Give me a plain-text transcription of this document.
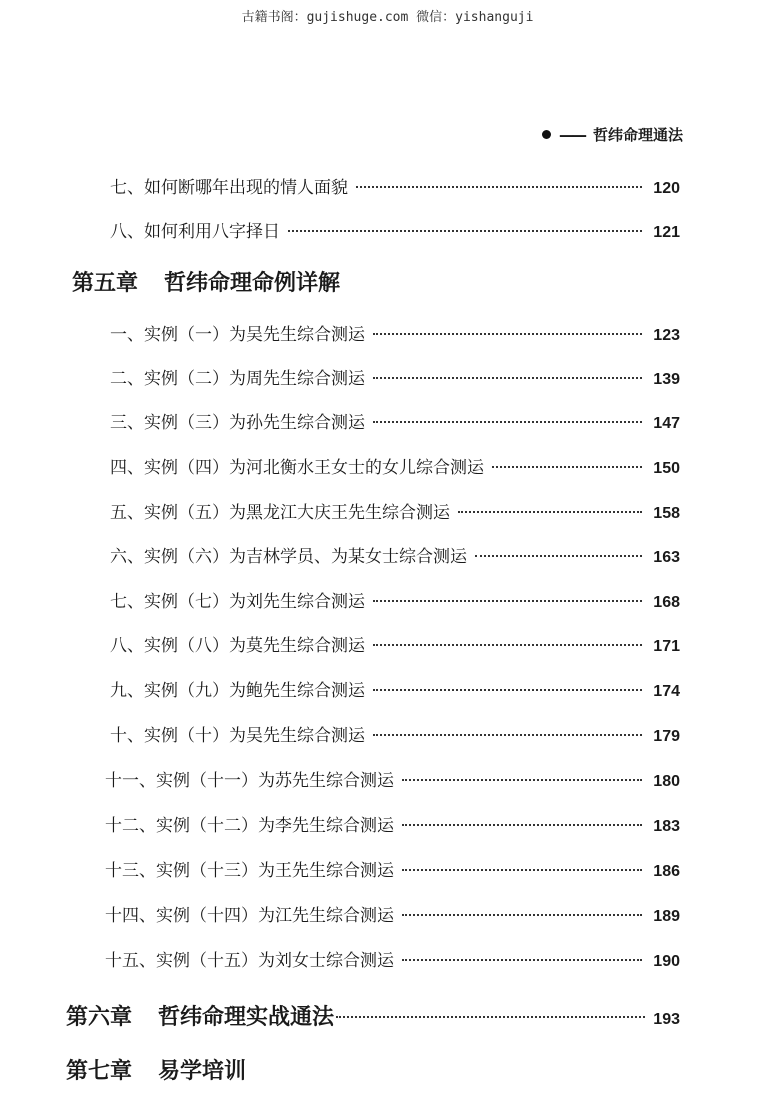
古籍书阁：gujishuge.com 微信：yishanguji
—— 哲纬命理通法
七、如何断哪年出现的情人面貌	120
八、如何利用八字择日	121
第五章 哲纬命理命例详解
一、实例（一）为吴先生综合测运	123
二、实例（二）为周先生综合测运	139
三、实例（三）为孙先生综合测运	147
四、实例（四）为河北衡水王女士的女儿综合测运	150
五、实例（五）为黑龙江大庆王先生综合测运	158
六、实例（六）为吉林学员、为某女士综合测运	163
七、实例（七）为刘先生综合测运	168
八、实例（八）为莫先生综合测运	171
九、实例（九）为鲍先生综合测运	174
十、实例（十）为吴先生综合测运	179
十一、实例（十一）为苏先生综合测运	180
十二、实例（十二）为李先生综合测运	183
十三、实例（十三）为王先生综合测运	186
十四、实例（十四）为江先生综合测运	189
十五、实例（十五）为刘女士综合测运	190
第六章 哲纬命理实战通法	193
第七章 易学培训
